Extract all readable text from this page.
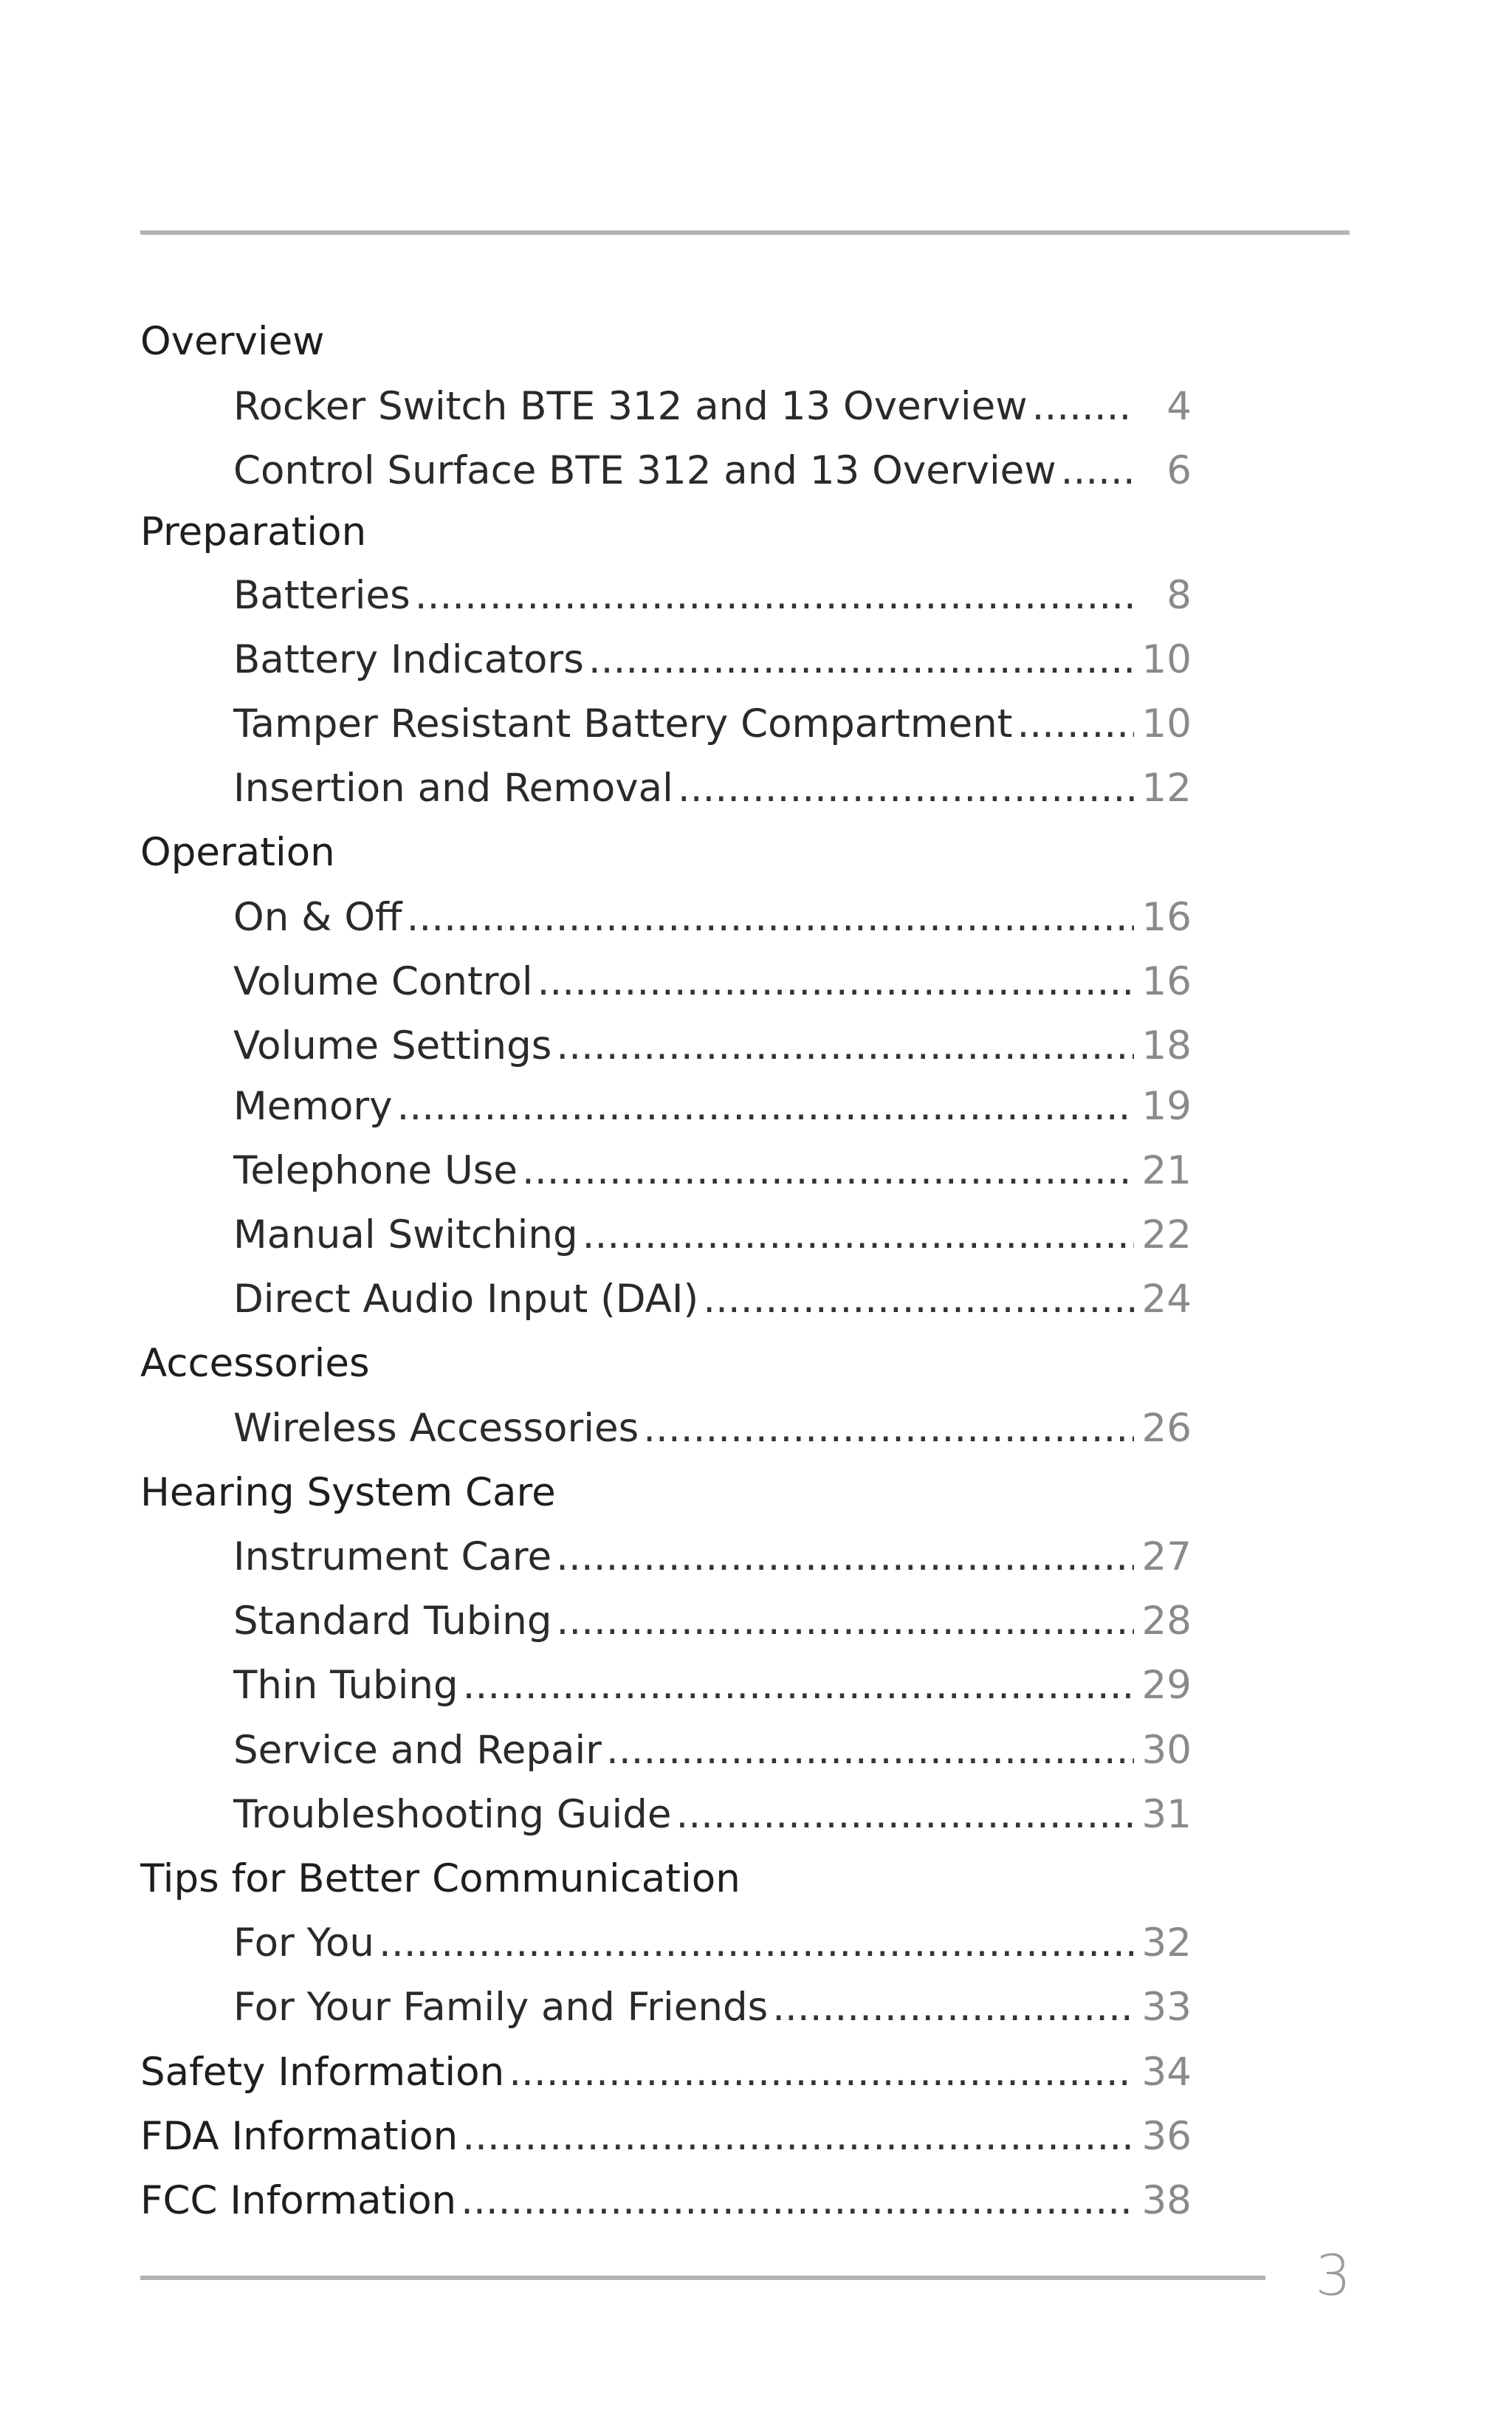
Overview
Rocker Switch BTE 312 and 13 Overview .....	4
Control Surface BTE 312 and 13 Overview .....	6
Preparation
Batteries .....	8
Battery Indicators .....	10
Tamper Resistant Battery Compartment .....	10
Insertion and Removal .....	12
Operation
On & Off .....	16
Volume Control .....	16
Volume Settings .....	18
Memory .....	19
Telephone Use .....	21
Manual Switching .....	22
Direct Audio Input (DAI) .....	24
Accessories
Wireless Accessories .....	26
Hearing System Care
Instrument Care .....	27
Standard Tubing .....	28
Thin Tubing .....	29
Service and Repair .....	30
Troubleshooting Guide .....	31
Tips for Better Communication
For You .....	32
For Your Family and Friends .....	33
Safety Information .....	34
FDA Information .....	36
FCC Information .....	38
3
